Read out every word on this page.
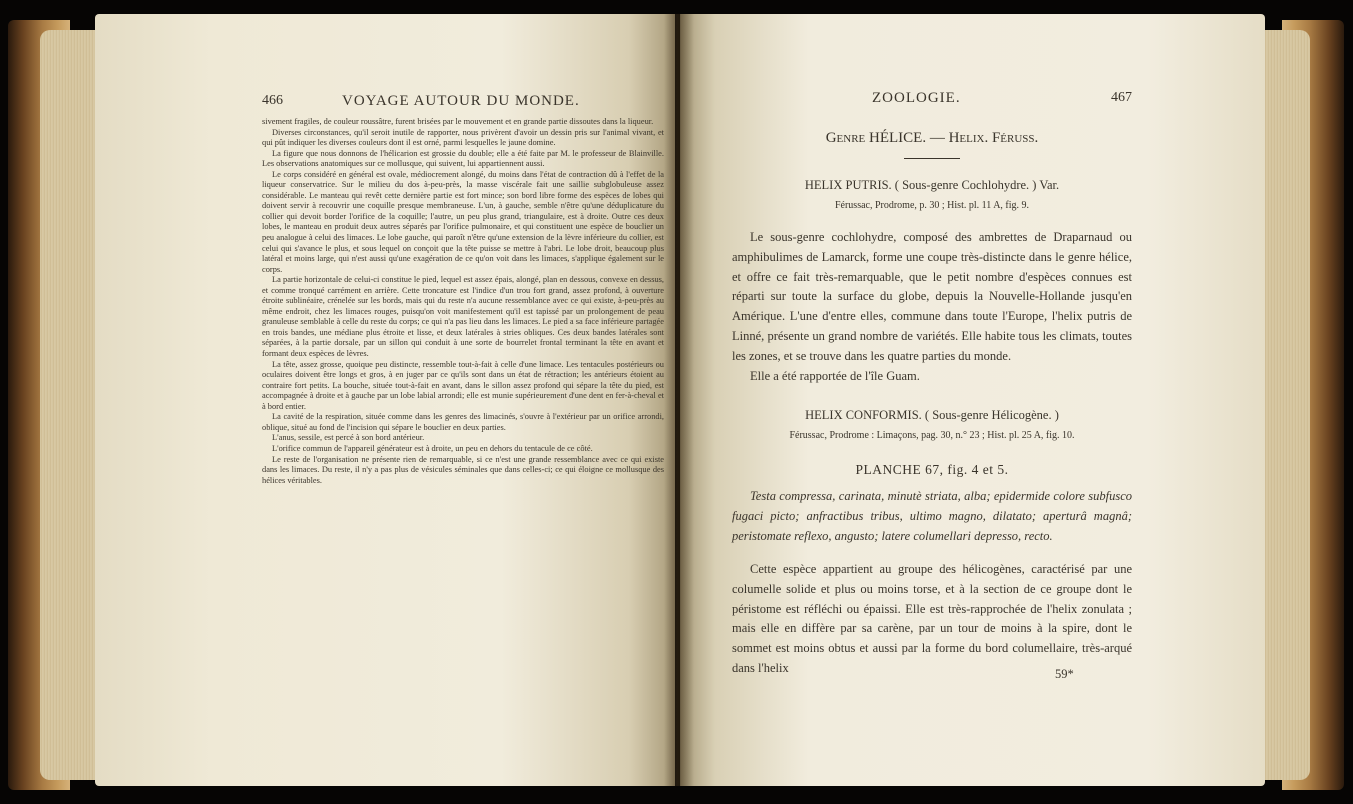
466	VOYAGE AUTOUR DU MONDE.

sivement fragiles, de couleur roussâtre, furent brisées par le mouvement et en grande partie dissoutes dans la liqueur.

Diverses circonstances, qu'il seroit inutile de rapporter, nous privèrent d'avoir un dessin pris sur l'animal vivant, et qui pût indiquer les diverses couleurs dont il est orné, parmi lesquelles le jaune domine.

La figure que nous donnons de l'hélicarion est grossie du double; elle a été faite par M. le professeur de Blainville. Les observations anatomiques sur ce mollusque, qui suivent, lui appartiennent aussi.

Le corps considéré en général est ovale, médiocrement alongé, du moins dans l'état de contraction dû à l'effet de la liqueur conservatrice. Sur le milieu du dos à-peu-près, la masse viscérale fait une saillie subglobuleuse assez considérable. Le manteau qui revêt cette dernière partie est fort mince; son bord libre forme des espèces de lobes qui doivent servir à recouvrir une coquille presque membraneuse. L'un, à gauche, semble n'être qu'une déduplicature du collier qui devoit border l'orifice de la coquille; l'autre, un peu plus grand, triangulaire, est à droite. Outre ces deux lobes, le manteau en produit deux autres séparés par l'orifice pulmonaire, et qui constituent une espèce de bouclier un peu analogue à celui des limaces. Le lobe gauche, qui paroît n'être qu'une extension de la lèvre inférieure du collier, est celui qui s'avance le plus, et sous lequel on conçoit que la tête puisse se mettre à l'abri. Le lobe droit, beaucoup plus latéral et moins large, qui n'est aussi qu'une exagération de ce qu'on voit dans les limaces, s'applique également sur le corps.

La partie horizontale de celui-ci constitue le pied, lequel est assez épais, alongé, plan en dessous, convexe en dessus, et comme tronqué carrément en arrière. Cette troncature est l'indice d'un trou fort grand, assez profond, à ouverture étroite sublinéaire, crénelée sur les bords, mais qui du reste n'a aucune ressemblance avec ce qui existe, à-peu-près au même endroit, chez les limaces rouges, puisqu'on voit manifestement qu'il est tapissé par un prolongement de peau granuleuse semblable à celle du reste du corps; ce qui n'a pas lieu dans les limaces. Le pied a sa face inférieure partagée en trois bandes, une médiane plus étroite et lisse, et deux latérales à stries obliques. Ces deux bandes latérales sont séparées, à la partie dorsale, par un sillon qui conduit à une sorte de bourrelet frontal terminant la tête en avant et formant deux espèces de lèvres.

La tête, assez grosse, quoique peu distincte, ressemble tout-à-fait à celle d'une limace. Les tentacules postérieurs ou oculaires doivent être longs et gros, à en juger par ce qu'ils sont dans un état de rétraction; les antérieurs étoient au contraire fort petits. La bouche, située tout-à-fait en avant, dans le sillon assez profond qui sépare la tête du pied, est accompagnée à droite et à gauche par un lobe labial arrondi; elle est munie supérieurement d'une dent en fer-à-cheval et à bord entier.

La cavité de la respiration, située comme dans les genres des limacinés, s'ouvre à l'extérieur par un orifice arrondi, oblique, situé au fond de l'incision qui sépare le bouclier en deux parties.

L'anus, sessile, est percé à son bord antérieur.

L'orifice commun de l'appareil générateur est à droite, un peu en dehors du tentacule de ce côté.

Le reste de l'organisation ne présente rien de remarquable, si ce n'est une grande ressemblance avec ce qui existe dans les limaces. Du reste, il n'y a pas plus de vésicules séminales que dans celles-ci; ce qui éloigne ce mollusque des hélices véritables.

ZOOLOGIE.	467
Genre HÉLICE. — Helix. Féruss.
HELIX PUTRIS. ( Sous-genre Cochlohydre. ) Var.
Férussac, Prodrome, p. 30 ; Hist. pl. 11 A, fig. 9.

Le sous-genre cochlohydre, composé des ambrettes de Draparnaud ou amphibulimes de Lamarck, forme une coupe très-distincte dans le genre hélice, et offre ce fait très-remarquable, que le petit nombre d'espèces connues est réparti sur toute la surface du globe, depuis la Nouvelle-Hollande jusqu'en Amérique. L'une d'entre elles, commune dans toute l'Europe, l'helix putris de Linné, présente un grand nombre de variétés. Elle habite tous les climats, toutes les zones, et se trouve dans les quatre parties du monde.

Elle a été rapportée de l'île Guam.

HELIX CONFORMIS. ( Sous-genre Hélicogène. )
Férussac, Prodrome : Limaçons, pag. 30, n.° 23 ; Hist. pl. 25 A, fig. 10.
PLANCHE 67, fig. 4 et 5.

Testa compressa, carinata, minutè striata, alba; epidermide colore subfusco fugaci picto; anfractibus tribus, ultimo magno, dilatato; aperturâ magnâ; peristomate reflexo, angusto; latere columellari depresso, recto.

Cette espèce appartient au groupe des hélicogènes, caractérisé par une columelle solide et plus ou moins torse, et à la section de ce groupe dont le péristome est réfléchi ou épaissi. Elle est très-rapprochée de l'helix zonulata ; mais elle en diffère par sa carène, par un tour de moins à la spire, dont le sommet est moins obtus et aussi par la forme du bord columellaire, très-arqué dans l'helix	59*
